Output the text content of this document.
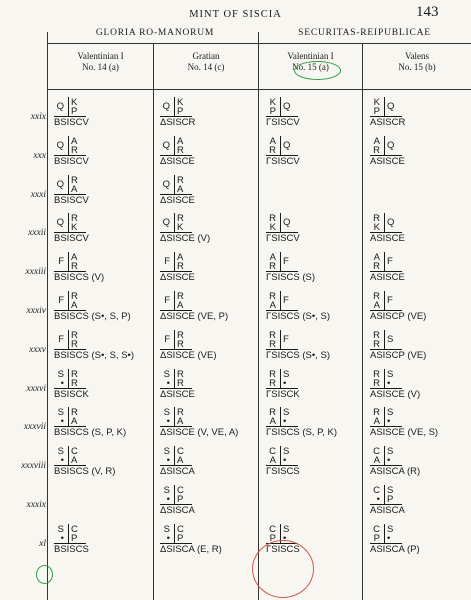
MINT OF SISCIA	143
GLORIA RO-MANORUM	SECURITAS-REIPUBLICAE
Valentinian I
No. 14 (a)
Gratian
No. 14 (c)
Valentinian I
No. 15 (a)
Valens
No. 15 (b)
xxix
Q K
P
BSISCV
Q K
P
ΔSISCR
K
P Q
ΓSISCV
K
P Q
ASISCR
xxx
Q A
R
BSISCV
Q A
R
ΔSISCE
A
R Q
ΓSISCV
A
R Q
ASISCE
xxxi
Q R
A
BSISCV
Q R
A
ΔSISCE
xxxii
Q R
K
BSISCV
Q R
K
ΔSISCE (V)
R
K Q
ΓSISCV
R
K Q
ASISCE
xxxiii
F A
R
BSISCS (V)
F A
R
ΔSISCE
A
R F
ΓSISCS (S)
A
R F
ASISCE
xxxiv
F R
A
BSISCS (S•, S, P)
F R
A
ΔSISCE (VE, P)
R
A F
ΓSISCS (S•, S)
R
A F
ASISCP (VE)
xxxv
F R
R
BSISCS (S•, S, S•)
F R
R
ΔSISCE (VE)
R
R F
ΓSISCS (S•, S)
R
R S
ASISCP (VE)
xxxvi
S
•
R
R
BSISCK
S
•
R
R
ΔSISCE
R
R
S
•
ΓSISCK
R
R
S
•
ASISCE (V)
xxxvii
S
•
R
A
BSISCS (S, P, K)
S
•
R
A
ΔSISCE (V, VE, A)
R
A
S
•
ΓSISCS (S, P, K)
R
A
S
•
ASISCE (VE, S)
xxxviii
S
•
C
A
BSISCS (V, R)
S
•
C
A
ΔSISCA
C
A
S
•
ΓSISCS
C
A
S
•
ASISCA (R)
xxxix
S
•
C
P
ΔSISCA
C
•
S
P
ASISCA
xl
S
•
C
P
BSISCS
S
•
C
P
ΔSISCA (E, R)
C
P
S
•
ΓSISCS
C
P
S
•
ASISCA (P)
